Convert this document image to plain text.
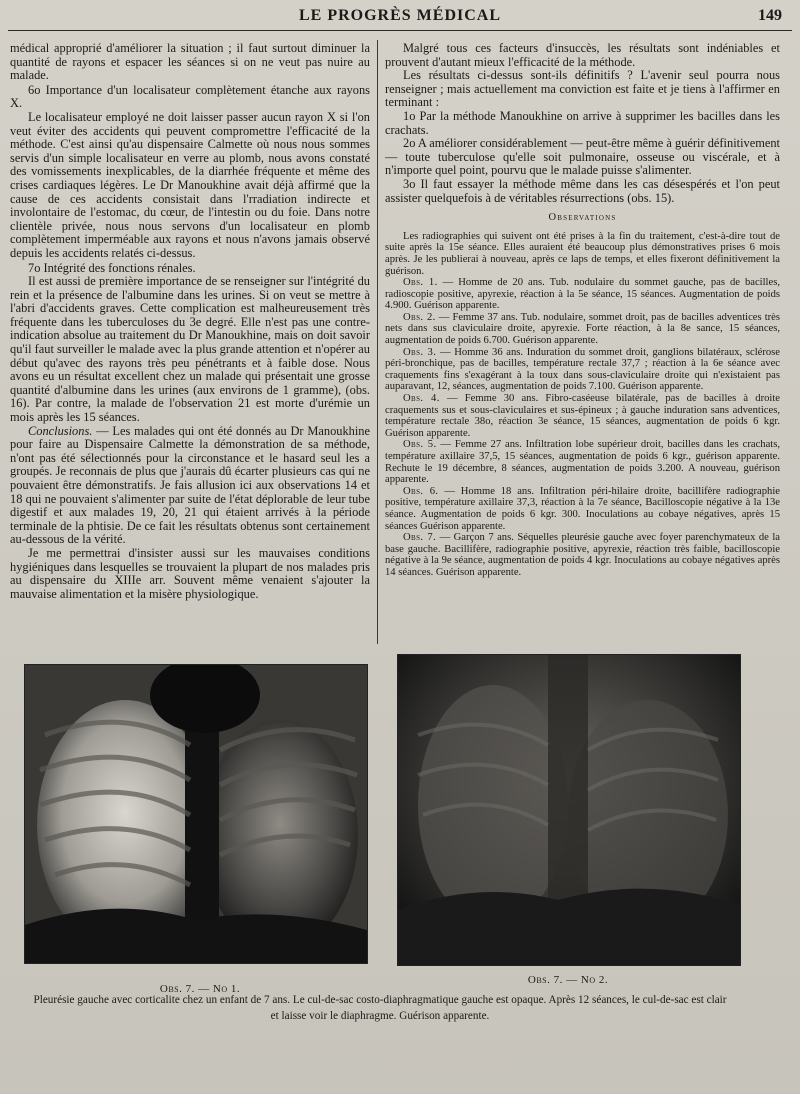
LE PROGRÈS MÉDICAL	149

médical approprié d'améliorer la situation ; il faut surtout diminuer la quantité de rayons et espacer les séances si on ne veut pas nuire au malade.

6o Importance d'un localisateur complètement étanche aux rayons X.

Le localisateur employé ne doit laisser passer aucun rayon X si l'on veut éviter des accidents qui peuvent compromettre l'efficacité de la méthode. C'est ainsi qu'au dispensaire Calmette où nous nous sommes servis d'un simple localisateur en verre au plomb, nous avons constaté des vomissements inexplicables, de la diarrhée fréquente et même des crises cardiaques légères. Le Dr Manoukhine avait déjà affirmé que la cause de ces accidents consistait dans l'rradiation indirecte et involontaire de l'estomac, du cœur, de l'intestin ou du foie. Dans notre clientèle privée, nous nous servons d'un localisateur en plomb complètement imperméable aux rayons et nous n'avons jamais observé depuis les accidents relatés ci-dessus.

7o Intégrité des fonctions rénales.

Il est aussi de première importance de se renseigner sur l'intégrité du rein et la présence de l'albumine dans les urines. Si on veut se mettre à l'abri d'accidents graves. Cette complication est malheureusement très fréquente dans les tuberculoses du 3e degré. Elle n'est pas une contre-indication absolue au traitement du Dr Manoukhine, mais on doit savoir qu'il faut surveiller le malade avec la plus grande attention et n'opérer au début qu'avec des rayons très peu pénétrants et à faible dose. Nous avons eu un résultat excellent chez un malade qui présentait une grosse quantité d'albumine dans les urines (aux environs de 1 gramme), (obs. 16). Par contre, la malade de l'observation 21 est morte d'urémie un mois après les 15 séances.

Conclusions. — Les malades qui ont été donnés au Dr Manoukhine pour faire au Dispensaire Calmette la démonstration de sa méthode, n'ont pas été sélectionnés pour la circonstance et le hasard seul les a groupés. Je reconnais de plus que j'aurais dû écarter plusieurs cas qui ne pouvaient être démonstratifs. Je fais allusion ici aux observations 14 et 18 qui ne pouvaient s'alimenter par suite de l'état déplorable de leur tube digestif et aux malades 19, 20, 21 qui étaient arrivés à la période terminale de la phtisie. De ce fait les résultats obtenus sont certainement au-dessous de la vérité.

Je me permettrai d'insister aussi sur les mauvaises conditions hygiéniques dans lesquelles se trouvaient la plupart de nos malades pris au dispensaire du XIIIe arr. Souvent même venaient s'ajouter la mauvaise alimentation et la misère physiologique.

Malgré tous ces facteurs d'insuccès, les résultats sont indéniables et prouvent d'autant mieux l'efficacité de la méthode.

Les résultats ci-dessus sont-ils définitifs ? L'avenir seul pourra nous renseigner ; mais actuellement ma conviction est faite et je tiens à l'affirmer en terminant :

1o Par la méthode Manoukhine on arrive à supprimer les bacilles dans les crachats.

2o A améliorer considérablement — peut-être même à guérir définitivement — toute tuberculose qu'elle soit pulmonaire, osseuse ou viscérale, et à n'importe quel point, pourvu que le malade puisse s'alimenter.

3o Il faut essayer la méthode même dans les cas désespérés et l'on peut assister quelquefois à de véritables résurrections (obs. 15).

Observations

Les radiographies qui suivent ont été prises à la fin du traitement, c'est-à-dire tout de suite après la 15e séance. Elles auraient été beaucoup plus démonstratives prises 6 mois après. Je les publierai à nouveau, après ce laps de temps, et elles fixeront définitivement la guérison.

Obs. 1. — Homme de 20 ans. Tub. nodulaire du sommet gauche, pas de bacilles, radioscopie positive, apyrexie, réaction à la 5e séance, 15 séances. Augmentation de poids 4.900. Guérison apparente.

Obs. 2. — Femme 37 ans. Tub. nodulaire, sommet droit, pas de bacilles adventices très nets dans sus claviculaire droite, apyrexie. Forte réaction, à la 8e sance, 15 séances, augmentation de poids 6.700. Guérison apparente.

Obs. 3. — Homme 36 ans. Induration du sommet droit, ganglions bilatéraux, sclérose péri-bronchique, pas de bacilles, température rectale 37,7 ; réaction à la 6e séance avec craquements fins s'exagérant à la toux dans sous-claviculaire droite qui n'existaient pas auparavant, 12, séances, augmentation de poids 7.100. Guérison apparente.

Obs. 4. — Femme 30 ans. Fibro-caséeuse bilatérale, pas de bacilles à droite craquements sus et sous-claviculaires et sus-épineux ; à gauche induration sans adventices, température rectale 38o, réaction 3e séance, 15 séances, augmentation de poids 6 kgr. Guérison apparente.

Obs. 5. — Femme 27 ans. Infiltration lobe supérieur droit, bacilles dans les crachats, température axillaire 37,5, 15 séances, augmentation de poids 6 kgr., guérison apparente. Rechute le 19 décembre, 8 séances, augmentation de poids 3.200. A nouveau, guérison apparente.

Obs. 6. — Homme 18 ans. Infiltration péri-hilaire droite, bacillifère radiographie positive, température axillaire 37,3, réaction à la 7e séance, Bacilloscopie négative à la 13e séance. Augmentation de poids 6 kgr. 300. Inoculations au cobaye négatives, après 15 séances Guérison apparente.

Obs. 7. — Garçon 7 ans. Séquelles pleurésie gauche avec foyer parenchymateux de la base gauche. Bacillifère, radiographie positive, apyrexie, réaction très faible, bacilloscopie négative à la 9e séance, augmentation de poids 4 kgr. Inoculations au cobaye négatives après 14 séances. Guérison apparente.

Obs. 7. — No 1.
Obs. 7. — No 2.
Pleurésie gauche avec corticalite chez un enfant de 7 ans. Le cul-de-sac costo-diaphragmatique gauche est opaque. Après 12 séances, le cul-de-sac est clair et laisse voir le diaphragme. Guérison apparente.
